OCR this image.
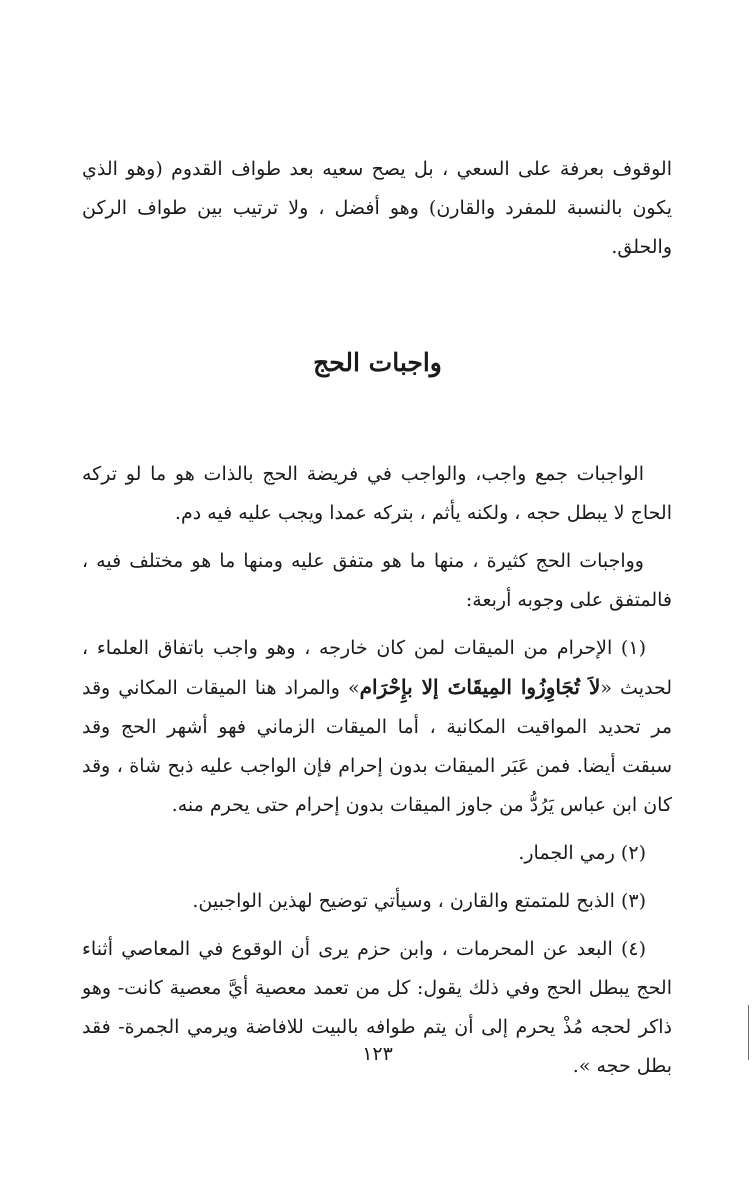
الوقوف بعرفة على السعي ، بل يصح سعيه بعد طواف القدوم (وهو الذي يكون بالنسبة للمفرد والقارن) وهو أفضل ، ولا ترتيب بين طواف الركن والحلق.

واجبات الحج

الواجبات جمع واجب، والواجب في فريضة الحج بالذات هو ما لو تركه الحاج لا يبطل حجه ، ولكنه يأثم ، بتركه عمدا ويجب عليه فيه دم.

وواجبات الحج كثيرة ، منها ما هو متفق عليه ومنها ما هو مختلف فيه ، فالمتفق على وجوبه أربعة:

(١) الإحرام من الميقات لمن كان خارجه ، وهو واجب باتفاق العلماء ، لحديث «لاَ تُجَاوِزُوا المِيقَاتَ إلا بإِحْرَام» والمراد هنا الميقات المكاني وقد مر تحديد المواقيت المكانية ، أما الميقات الزماني فهو أشهر الحج وقد سبقت أيضا. فمن عَبَر الميقات بدون إحرام فإن الواجب عليه ذبح شاة ، وقد كان ابن عباس يَرُدُّ من جاوز الميقات بدون إحرام حتى يحرم منه.

(٢) رمي الجمار.

(٣) الذبح للمتمتع والقارن ، وسيأتي توضيح لهذين الواجبين.

(٤) البعد عن المحرمات ، وابن حزم يرى أن الوقوع في المعاصي أثناء الحج يبطل الحج وفي ذلك يقول: كل من تعمد معصية أيَّ معصية كانت- وهو ذاكر لحجه مُذْ يحرم إلى أن يتم طوافه بالبيت للافاضة ويرمي الجمرة- فقد بطل حجه ».

١٢٣
